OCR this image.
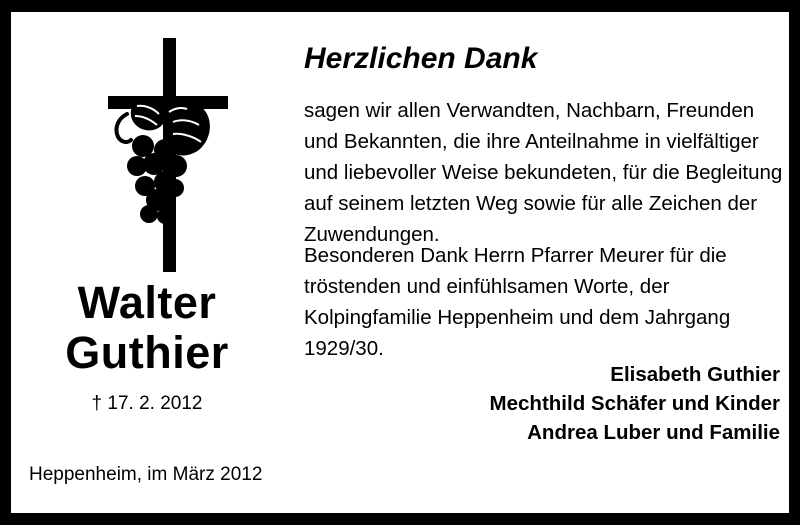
Walter
Guthier
† 17. 2. 2012
Heppenheim, im März 2012
Herzlichen Dank
sagen wir allen Verwandten, Nachbarn, Freunden und Bekannten, die ihre Anteilnahme in vielfältiger und liebevoller Weise bekundeten, für die Begleitung auf seinem letzten Weg sowie für alle Zeichen der Zuwendungen.
Besonderen Dank Herrn Pfarrer Meurer für die tröstenden und einfühlsamen Worte, der Kolpingfamilie Heppenheim und dem Jahrgang 1929/30.
Elisabeth Guthier
Mechthild Schäfer und Kinder
Andrea Luber und Familie
